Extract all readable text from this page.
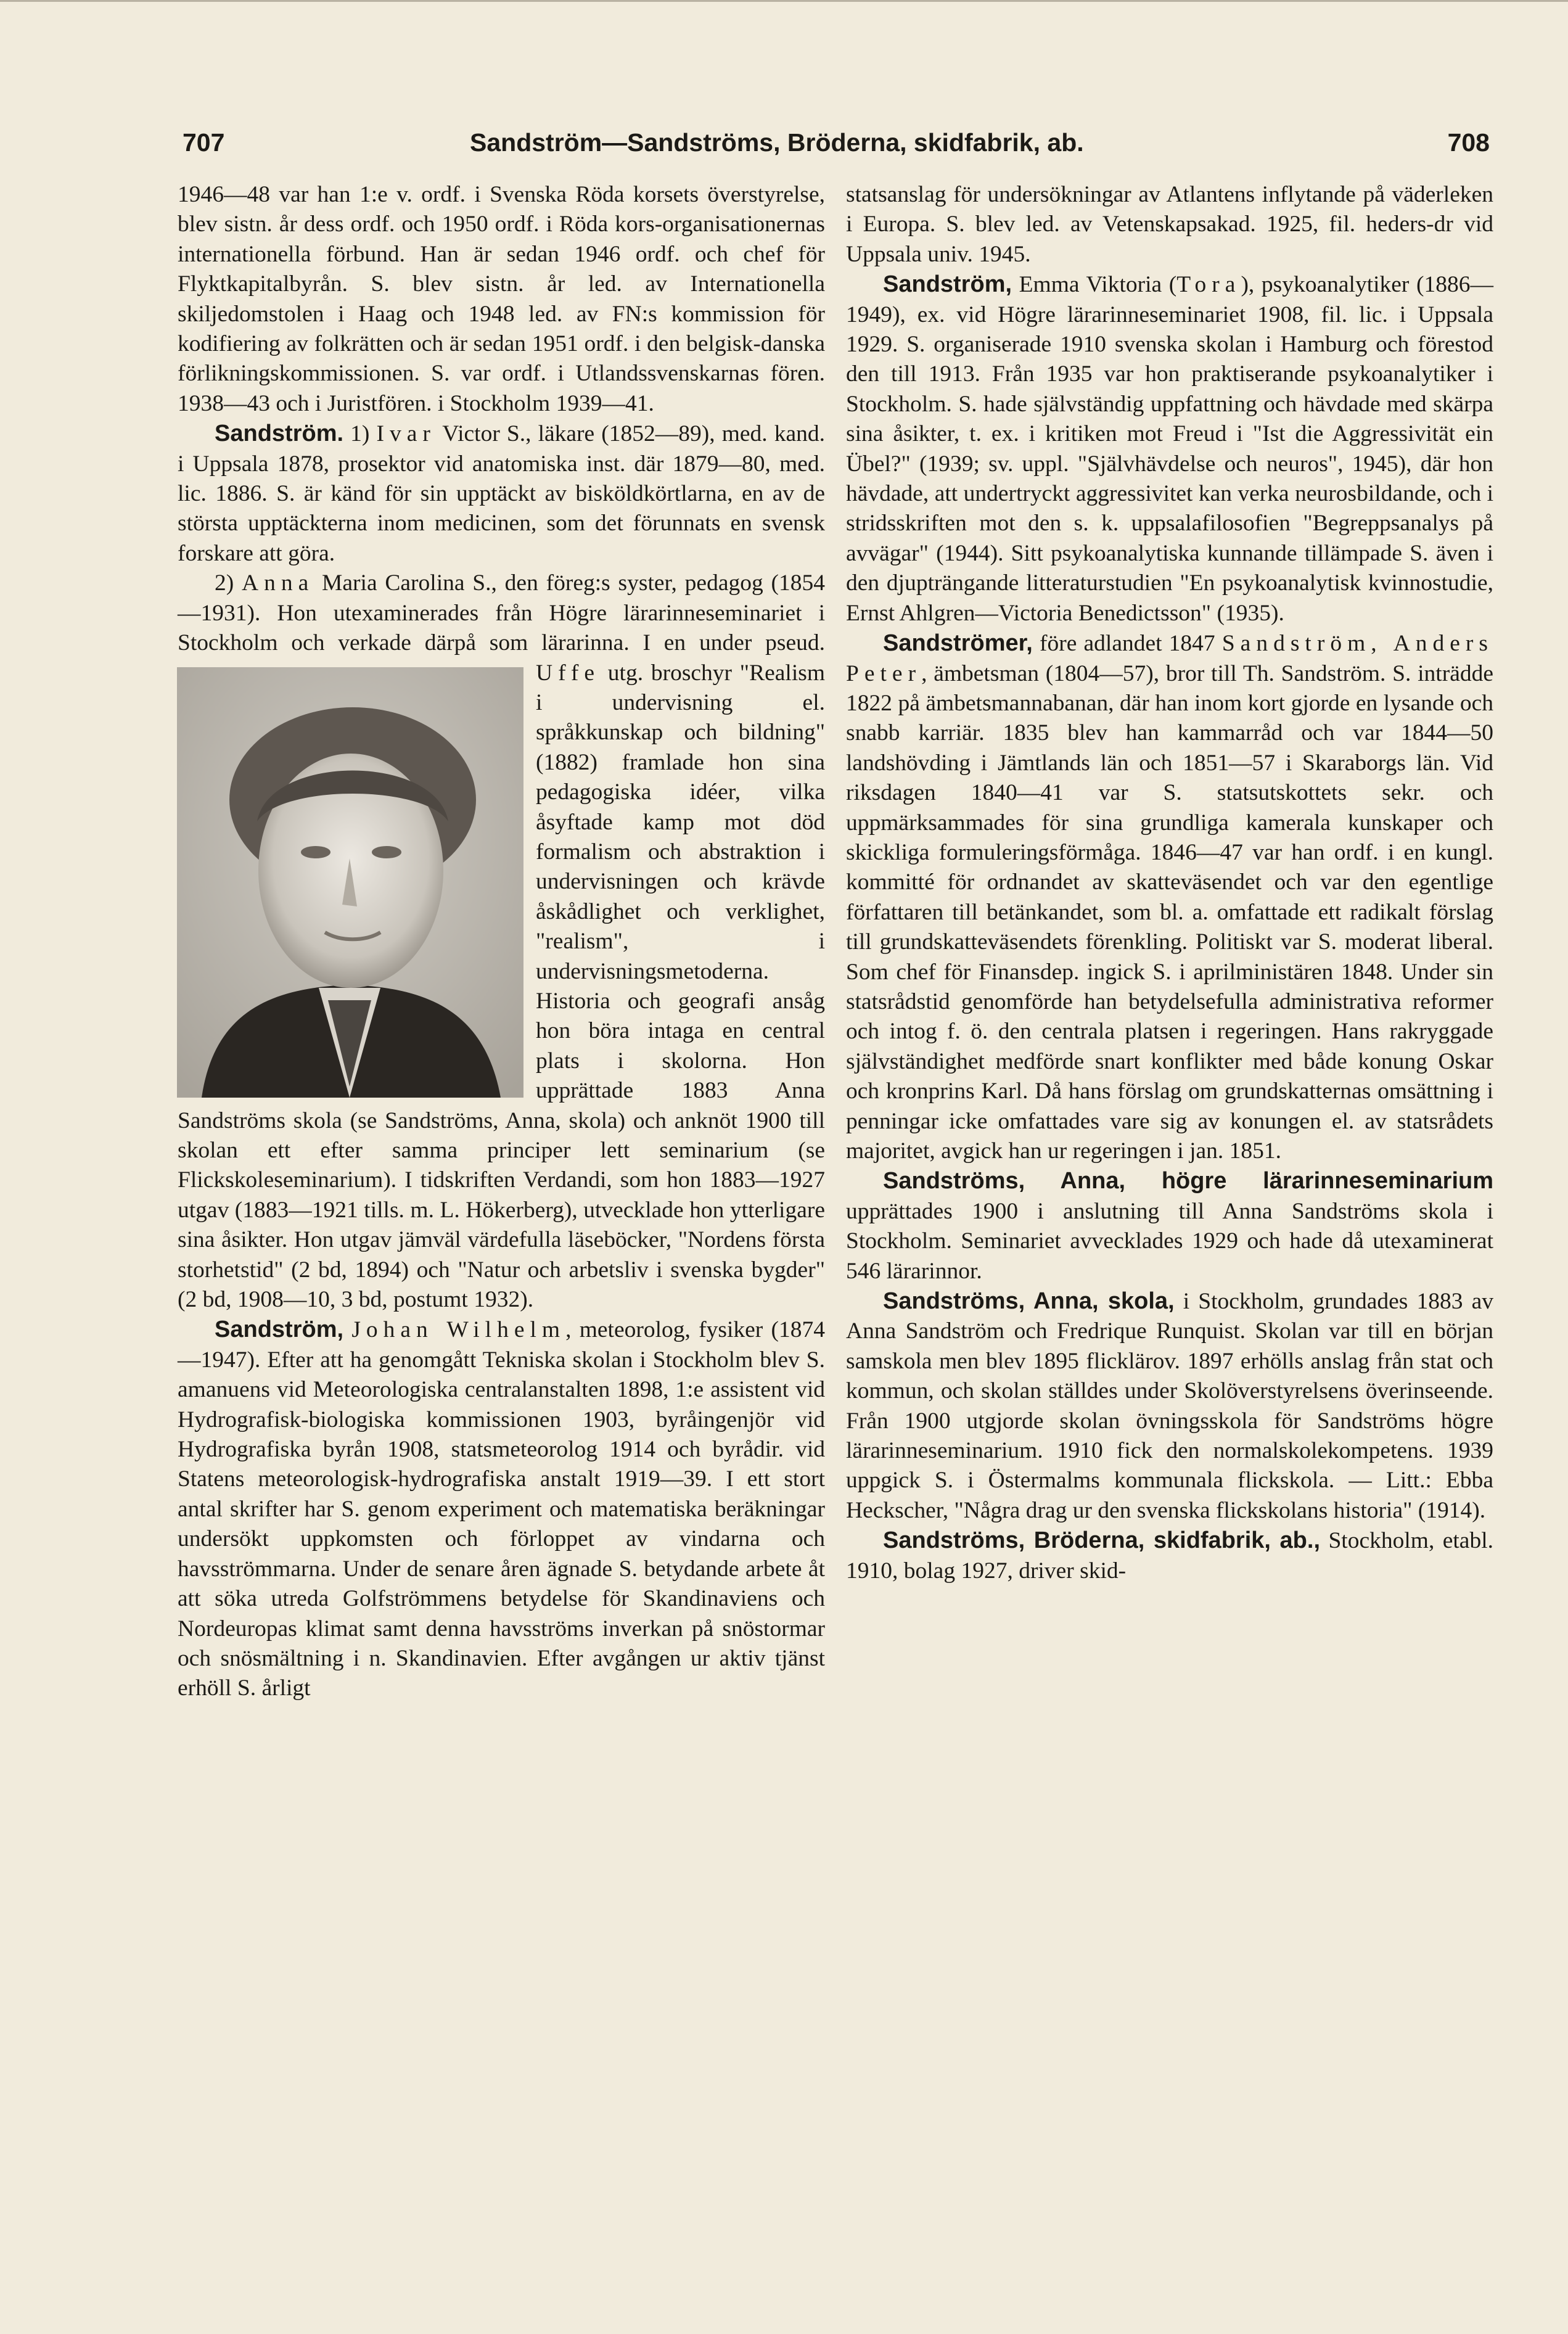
707	Sandström—Sandströms, Bröderna, skidfabrik, ab.	708

1946—48 var han 1:e v. ordf. i Svenska Röda korsets överstyrelse, blev sistn. år dess ordf. och 1950 ordf. i Röda kors-organisationernas internationella förbund. Han är sedan 1946 ordf. och chef för Flyktkapitalbyrån. S. blev sistn. år led. av Internationella skiljedomstolen i Haag och 1948 led. av FN:s kommission för kodifiering av folkrätten och är sedan 1951 ordf. i den belgisk-danska förlikningskommissionen. S. var ordf. i Utlandssvenskarnas fören. 1938—43 och i Juristfören. i Stockholm 1939—41.

Sandström. 1) Ivar Victor S., läkare (1852—89), med. kand. i Uppsala 1878, prosektor vid anatomiska inst. där 1879—80, med. lic. 1886. S. är känd för sin upptäckt av bisköldkörtlarna, en av de största upptäckterna inom medicinen, som det förunnats en svensk forskare att göra.

2) Anna Maria Carolina S., den föreg:s syster, pedagog (1854—1931). Hon utexaminerades från Högre lärarinneseminariet i Stockholm och verkade därpå som lärarinna. I en under pseud.
Uffe utg. broschyr "Realism i undervisning el. språkkunskap och bildning" (1882) framlade hon sina pedagogiska idéer, vilka åsyftade kamp mot död formalism och abstraktion i undervisningen och krävde åskådlighet och verklighet, "realism", i undervisningsmetoderna. Historia och geografi ansåg hon böra intaga en central plats i skolorna. Hon upprättade 1883 Anna Sandströms skola (se Sandströms, Anna, skola) och anknöt 1900 till skolan ett efter samma principer lett seminarium (se Flickskoleseminarium). I tidskriften Verdandi, som hon 1883—1927 utgav (1883—1921 tills. m. L. Hökerberg), utvecklade hon ytterligare sina åsikter. Hon utgav jämväl värdefulla läseböcker, "Nordens första storhetstid" (2 bd, 1894) och "Natur och arbetsliv i svenska bygder" (2 bd, 1908—10, 3 bd, postumt 1932).

Sandström, Johan Wilhelm, meteorolog, fysiker (1874—1947). Efter att ha genomgått Tekniska skolan i Stockholm blev S. amanuens vid Meteorologiska centralanstalten 1898, 1:e assistent vid Hydrografisk-biologiska kommissionen 1903, byråingenjör vid Hydrografiska byrån 1908, statsmeteorolog 1914 och byrådir. vid Statens meteorologisk-hydrografiska anstalt 1919—39. I ett stort antal skrifter har S. genom experiment och matematiska beräkningar undersökt uppkomsten och förloppet av vindarna och havsströmmarna. Under de senare åren ägnade S. betydande arbete åt att söka utreda Golfströmmens betydelse för Skandinaviens och Nordeuropas klimat samt denna havsströms inverkan på snöstormar och snösmältning i n. Skandinavien. Efter avgången ur aktiv tjänst erhöll S. årligt

statsanslag för undersökningar av Atlantens inflytande på väderleken i Europa. S. blev led. av Vetenskapsakad. 1925, fil. heders-dr vid Uppsala univ. 1945.

Sandström, Emma Viktoria (Tora), psykoanalytiker (1886—1949), ex. vid Högre lärarinneseminariet 1908, fil. lic. i Uppsala 1929. S. organiserade 1910 svenska skolan i Hamburg och förestod den till 1913. Från 1935 var hon praktiserande psykoanalytiker i Stockholm. S. hade självständig uppfattning och hävdade med skärpa sina åsikter, t. ex. i kritiken mot Freud i "Ist die Aggressivität ein Übel?" (1939; sv. uppl. "Självhävdelse och neuros", 1945), där hon hävdade, att undertryckt aggressivitet kan verka neurosbildande, och i stridsskriften mot den s. k. uppsalafilosofien "Begreppsanalys på avvägar" (1944). Sitt psykoanalytiska kunnande tillämpade S. även i den djupträngande litteraturstudien "En psykoanalytisk kvinnostudie, Ernst Ahlgren—Victoria Benedictsson" (1935).

Sandströmer, före adlandet 1847 Sandström, Anders Peter, ämbetsman (1804—57), bror till Th. Sandström. S. inträdde 1822 på ämbetsmannabanan, där han inom kort gjorde en lysande och snabb karriär. 1835 blev han kammarråd och var 1844—50 landshövding i Jämtlands län och 1851—57 i Skaraborgs län. Vid riksdagen 1840—41 var S. statsutskottets sekr. och uppmärksammades för sina grundliga kamerala kunskaper och skickliga formuleringsförmåga. 1846—47 var han ordf. i en kungl. kommitté för ordnandet av skatteväsendet och var den egentlige författaren till betänkandet, som bl. a. omfattade ett radikalt förslag till grundskatteväsendets förenkling. Politiskt var S. moderat liberal. Som chef för Finansdep. ingick S. i aprilministären 1848. Under sin statsrådstid genomförde han betydelsefulla administrativa reformer och intog f. ö. den centrala platsen i regeringen. Hans rakryggade självständighet medförde snart konflikter med både konung Oskar och kronprins Karl. Då hans förslag om grundskatternas omsättning i penningar icke omfattades vare sig av konungen el. av statsrådets majoritet, avgick han ur regeringen i jan. 1851.

Sandströms, Anna, högre lärarinneseminarium upprättades 1900 i anslutning till Anna Sandströms skola i Stockholm. Seminariet avvecklades 1929 och hade då utexaminerat 546 lärarinnor.

Sandströms, Anna, skola, i Stockholm, grundades 1883 av Anna Sandström och Fredrique Runquist. Skolan var till en början samskola men blev 1895 flicklärov. 1897 erhölls anslag från stat och kommun, och skolan ställdes under Skolöverstyrelsens överinseende. Från 1900 utgjorde skolan övningsskola för Sandströms högre lärarinneseminarium. 1910 fick den normalskolekompetens. 1939 uppgick S. i Östermalms kommunala flickskola. — Litt.: Ebba Heckscher, "Några drag ur den svenska flickskolans historia" (1914).

Sandströms, Bröderna, skidfabrik, ab., Stockholm, etabl. 1910, bolag 1927, driver skid-
